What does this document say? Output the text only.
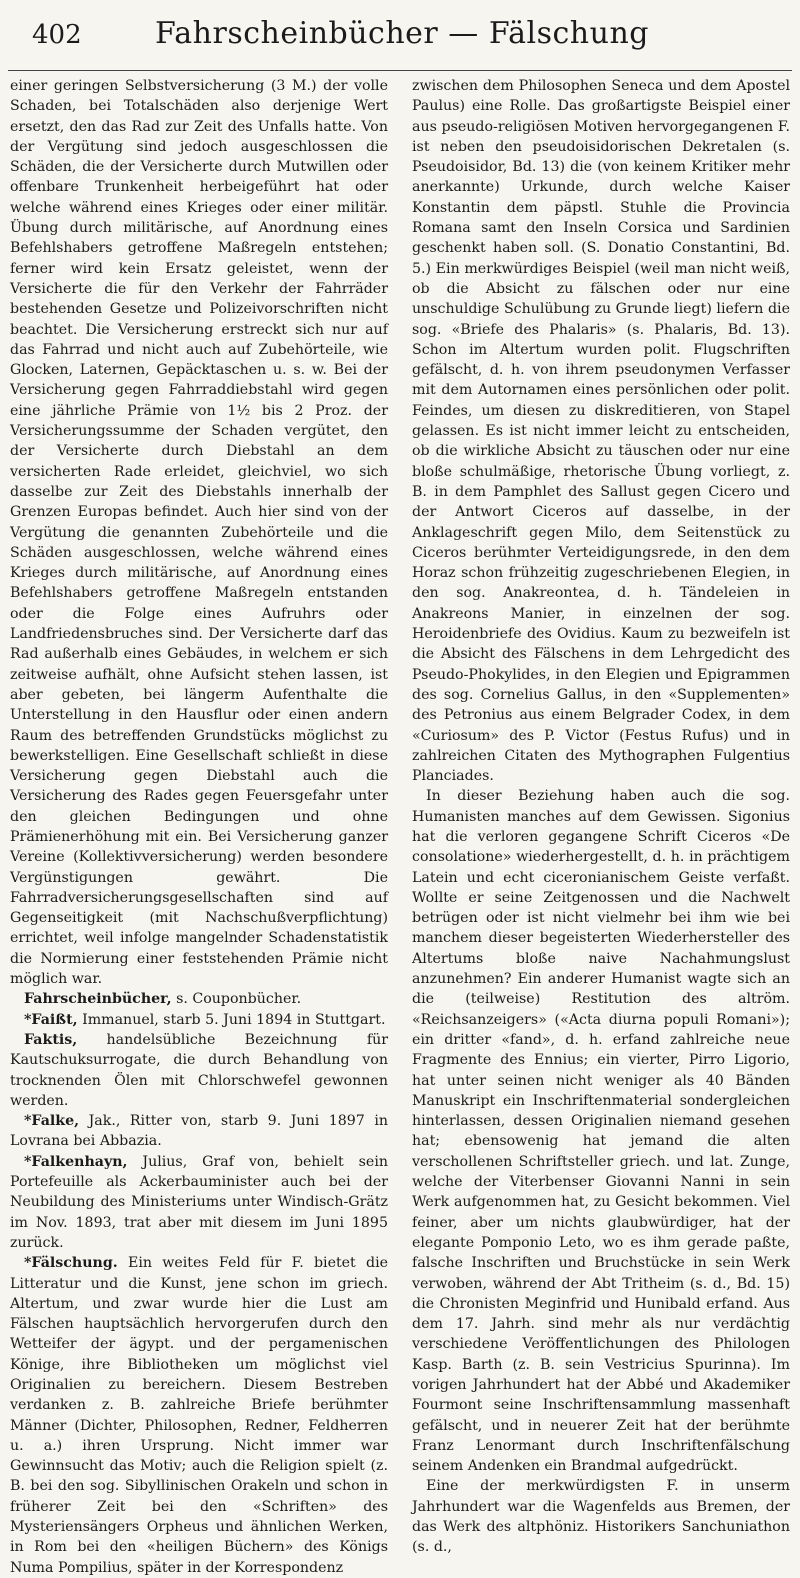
402	Fahrscheinbücher — Fälschung

einer geringen Selbstversicherung (3 M.) der volle Schaden, bei Totalschäden also derjenige Wert ersetzt, den das Rad zur Zeit des Unfalls hatte. Von der Vergütung sind jedoch ausgeschlossen die Schäden, die der Versicherte durch Mutwillen oder offenbare Trunkenheit herbeigeführt hat oder welche während eines Krieges oder einer militär. Übung durch militärische, auf Anordnung eines Befehlshabers getroffene Maßregeln entstehen; ferner wird kein Ersatz geleistet, wenn der Versicherte die für den Verkehr der Fahrräder bestehenden Gesetze und Polizeivorschriften nicht beachtet. Die Versicherung erstreckt sich nur auf das Fahrrad und nicht auch auf Zubehörteile, wie Glocken, Laternen, Gepäcktaschen u. s. w. Bei der Versicherung gegen Fahrraddiebstahl wird gegen eine jährliche Prämie von 1½ bis 2 Proz. der Versicherungssumme der Schaden vergütet, den der Versicherte durch Diebstahl an dem versicherten Rade erleidet, gleichviel, wo sich dasselbe zur Zeit des Diebstahls innerhalb der Grenzen Europas befindet. Auch hier sind von der Vergütung die genannten Zubehörteile und die Schäden ausgeschlossen, welche während eines Krieges durch militärische, auf Anordnung eines Befehlshabers getroffene Maßregeln entstanden oder die Folge eines Aufruhrs oder Landfriedensbruches sind. Der Versicherte darf das Rad außerhalb eines Gebäudes, in welchem er sich zeitweise aufhält, ohne Aufsicht stehen lassen, ist aber gebeten, bei längerm Aufenthalte die Unterstellung in den Hausflur oder einen andern Raum des betreffenden Grundstücks möglichst zu bewerkstelligen. Eine Gesellschaft schließt in diese Versicherung gegen Diebstahl auch die Versicherung des Rades gegen Feuersgefahr unter den gleichen Bedingungen und ohne Prämienerhöhung mit ein. Bei Versicherung ganzer Vereine (Kollektivversicherung) werden besondere Vergünstigungen gewährt. Die Fahrradversicherungsgesellschaften sind auf Gegenseitigkeit (mit Nachschußverpflichtung) errichtet, weil infolge mangelnder Schadenstatistik die Normierung einer feststehenden Prämie nicht möglich war.

Fahrscheinbücher, s. Couponbücher.

*Faißt, Immanuel, starb 5. Juni 1894 in Stuttgart.

Faktis, handelsübliche Bezeichnung für Kautschuksurrogate, die durch Behandlung von trocknenden Ölen mit Chlorschwefel gewonnen werden.

*Falke, Jak., Ritter von, starb 9. Juni 1897 in Lovrana bei Abbazia.

*Falkenhayn, Julius, Graf von, behielt sein Portefeuille als Ackerbauminister auch bei der Neubildung des Ministeriums unter Windisch-Grätz im Nov. 1893, trat aber mit diesem im Juni 1895 zurück.

*Fälschung. Ein weites Feld für F. bietet die Litteratur und die Kunst, jene schon im griech. Altertum, und zwar wurde hier die Lust am Fälschen hauptsächlich hervorgerufen durch den Wetteifer der ägypt. und der pergamenischen Könige, ihre Bibliotheken um möglichst viel Originalien zu bereichern. Diesem Bestreben verdanken z. B. zahlreiche Briefe berühmter Männer (Dichter, Philosophen, Redner, Feldherren u. a.) ihren Ursprung. Nicht immer war Gewinnsucht das Motiv; auch die Religion spielt (z. B. bei den sog. Sibyllinischen Orakeln und schon in früherer Zeit bei den «Schriften» des Mysteriensängers Orpheus und ähnlichen Werken, in Rom bei den «heiligen Büchern» des Königs Numa Pompilius, später in der Korrespondenz

zwischen dem Philosophen Seneca und dem Apostel Paulus) eine Rolle. Das großartigste Beispiel einer aus pseudo-religiösen Motiven hervorgegangenen F. ist neben den pseudoisidorischen Dekretalen (s. Pseudoisidor, Bd. 13) die (von keinem Kritiker mehr anerkannte) Urkunde, durch welche Kaiser Konstantin dem päpstl. Stuhle die Provincia Romana samt den Inseln Corsica und Sardinien geschenkt haben soll. (S. Donatio Constantini, Bd. 5.) Ein merkwürdiges Beispiel (weil man nicht weiß, ob die Absicht zu fälschen oder nur eine unschuldige Schulübung zu Grunde liegt) liefern die sog. «Briefe des Phalaris» (s. Phalaris, Bd. 13). Schon im Altertum wurden polit. Flugschriften gefälscht, d. h. von ihrem pseudonymen Verfasser mit dem Autornamen eines persönlichen oder polit. Feindes, um diesen zu diskreditieren, von Stapel gelassen. Es ist nicht immer leicht zu entscheiden, ob die wirkliche Absicht zu täuschen oder nur eine bloße schulmäßige, rhetorische Übung vorliegt, z. B. in dem Pamphlet des Sallust gegen Cicero und der Antwort Ciceros auf dasselbe, in der Anklageschrift gegen Milo, dem Seitenstück zu Ciceros berühmter Verteidigungsrede, in den dem Horaz schon frühzeitig zugeschriebenen Elegien, in den sog. Anakreontea, d. h. Tändeleien in Anakreons Manier, in einzelnen der sog. Heroidenbriefe des Ovidius. Kaum zu bezweifeln ist die Absicht des Fälschens in dem Lehrgedicht des Pseudo-Phokylides, in den Elegien und Epigrammen des sog. Cornelius Gallus, in den «Supplementen» des Petronius aus einem Belgrader Codex, in dem «Curiosum» des P. Victor (Festus Rufus) und in zahlreichen Citaten des Mythographen Fulgentius Planciades.

In dieser Beziehung haben auch die sog. Humanisten manches auf dem Gewissen. Sigonius hat die verloren gegangene Schrift Ciceros «De consolatione» wiederhergestellt, d. h. in prächtigem Latein und echt ciceronianischem Geiste verfaßt. Wollte er seine Zeitgenossen und die Nachwelt betrügen oder ist nicht vielmehr bei ihm wie bei manchem dieser begeisterten Wiederhersteller des Altertums bloße naive Nachahmungslust anzunehmen? Ein anderer Humanist wagte sich an die (teilweise) Restitution des altröm. «Reichsanzeigers» («Acta diurna populi Romani»); ein dritter «fand», d. h. erfand zahlreiche neue Fragmente des Ennius; ein vierter, Pirro Ligorio, hat unter seinen nicht weniger als 40 Bänden Manuskript ein Inschriftenmaterial sondergleichen hinterlassen, dessen Originalien niemand gesehen hat; ebensowenig hat jemand die alten verschollenen Schriftsteller griech. und lat. Zunge, welche der Viterbenser Giovanni Nanni in sein Werk aufgenommen hat, zu Gesicht bekommen. Viel feiner, aber um nichts glaubwürdiger, hat der elegante Pomponio Leto, wo es ihm gerade paßte, falsche Inschriften und Bruchstücke in sein Werk verwoben, während der Abt Tritheim (s. d., Bd. 15) die Chronisten Meginfrid und Hunibald erfand. Aus dem 17. Jahrh. sind mehr als nur verdächtig verschiedene Veröffentlichungen des Philologen Kasp. Barth (z. B. sein Vestricius Spurinna). Im vorigen Jahrhundert hat der Abbé und Akademiker Fourmont seine Inschriftensammlung massenhaft gefälscht, und in neuerer Zeit hat der berühmte Franz Lenormant durch Inschriftenfälschung seinem Andenken ein Brandmal aufgedrückt.

Eine der merkwürdigsten F. in unserm Jahrhundert war die Wagenfelds aus Bremen, der das Werk des altphöniz. Historikers Sanchuniathon (s. d.,
